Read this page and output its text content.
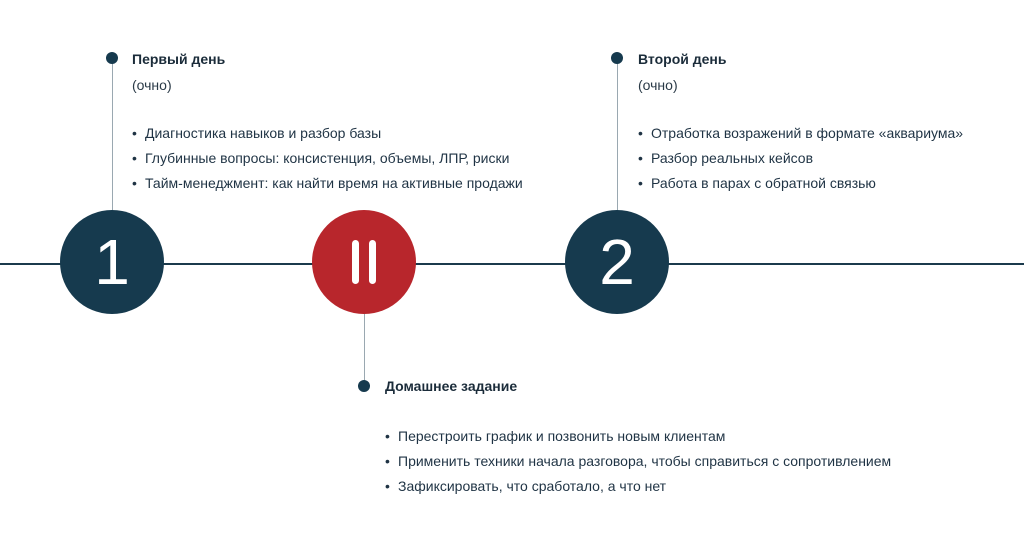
1
Первый день
(очно)
• Диагностика навыков и разбор базы
• Глубинные вопросы: консистенция, объемы, ЛПР, риски
• Тайм-менеджмент: как найти время на активные продажи
Домашнее задание
• Перестроить график и позвонить новым клиентам
• Применить техники начала разговора, чтобы справиться с сопротивлением
• Зафиксировать, что сработало, а что нет
2
Второй день
(очно)
• Отработка возражений в формате «аквариума»
• Разбор реальных кейсов
• Работа в парах с обратной связью
